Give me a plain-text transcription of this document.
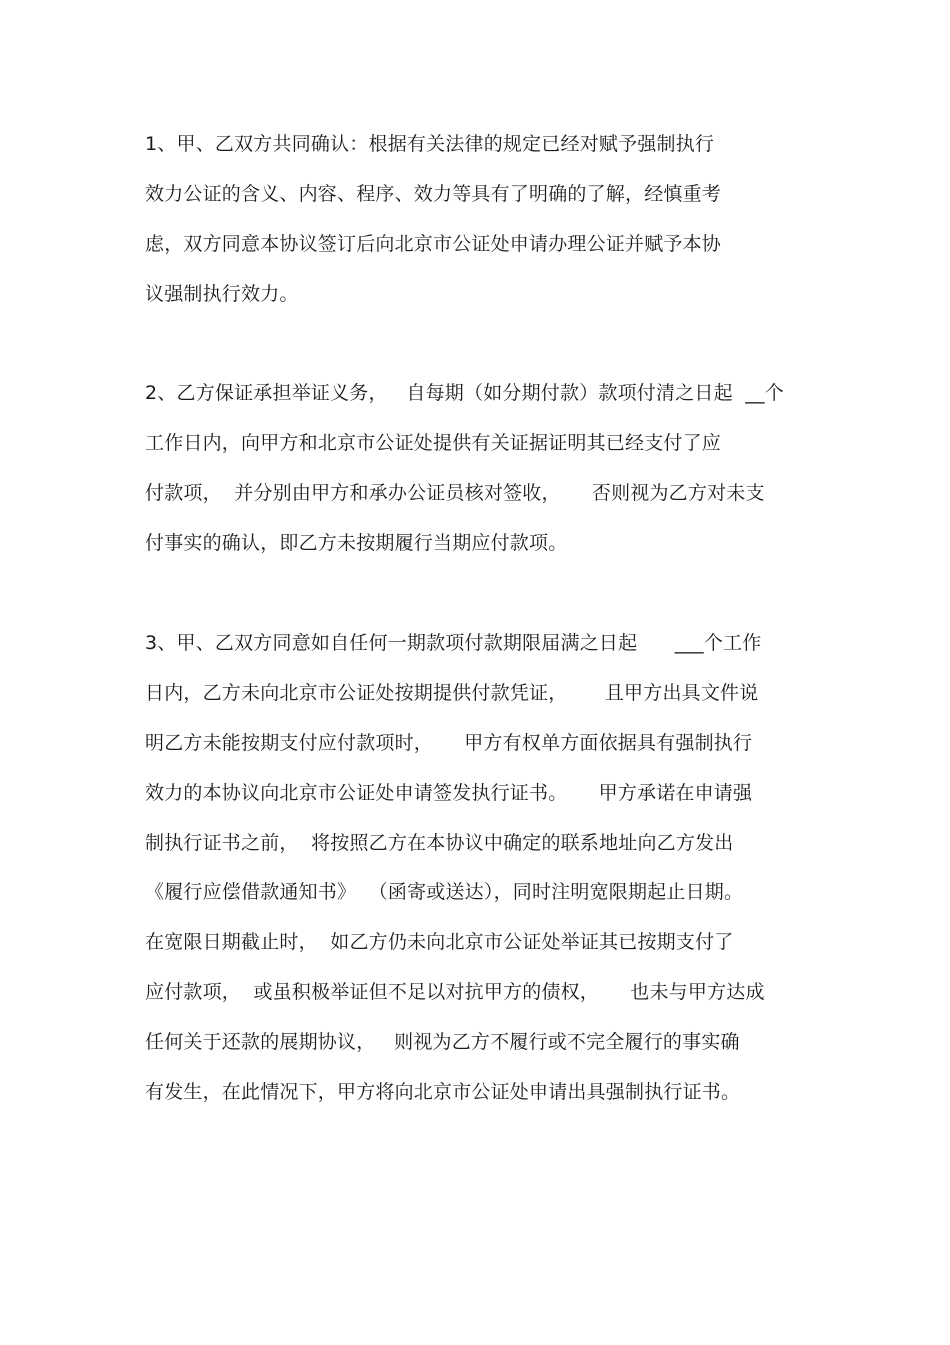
1、甲、乙双方共同确认：根据有关法律的规定已经对赋予强制执行
效力公证的含义、内容、程序、效力等具有了明确的了解，经慎重考
虑，双方同意本协议签订后向北京市公证处申请办理公证并赋予本协
议强制执行效力。
2、乙方保证承担举证义务，   自每期（如分期付款）款项付清之日起  __个
工作日内，向甲方和北京市公证处提供有关证据证明其已经支付了应
付款项，  并分别由甲方和承办公证员核对签收，     否则视为乙方对未支
付事实的确认，即乙方未按期履行当期应付款项。
3、甲、乙双方同意如自任何一期款项付款期限届满之日起      ___个工作
日内，乙方未向北京市公证处按期提供付款凭证，      且甲方出具文件说
明乙方未能按期支付应付款项时，     甲方有权单方面依据具有强制执行
效力的本协议向北京市公证处申请签发执行证书。     甲方承诺在申请强
制执行证书之前，  将按照乙方在本协议中确定的联系地址向乙方发出
《履行应偿借款通知书》  （函寄或送达），同时注明宽限期起止日期。
在宽限日期截止时，  如乙方仍未向北京市公证处举证其已按期支付了
应付款项，  或虽积极举证但不足以对抗甲方的债权，     也未与甲方达成
任何关于还款的展期协议，   则视为乙方不履行或不完全履行的事实确
有发生，在此情况下，甲方将向北京市公证处申请出具强制执行证书。
